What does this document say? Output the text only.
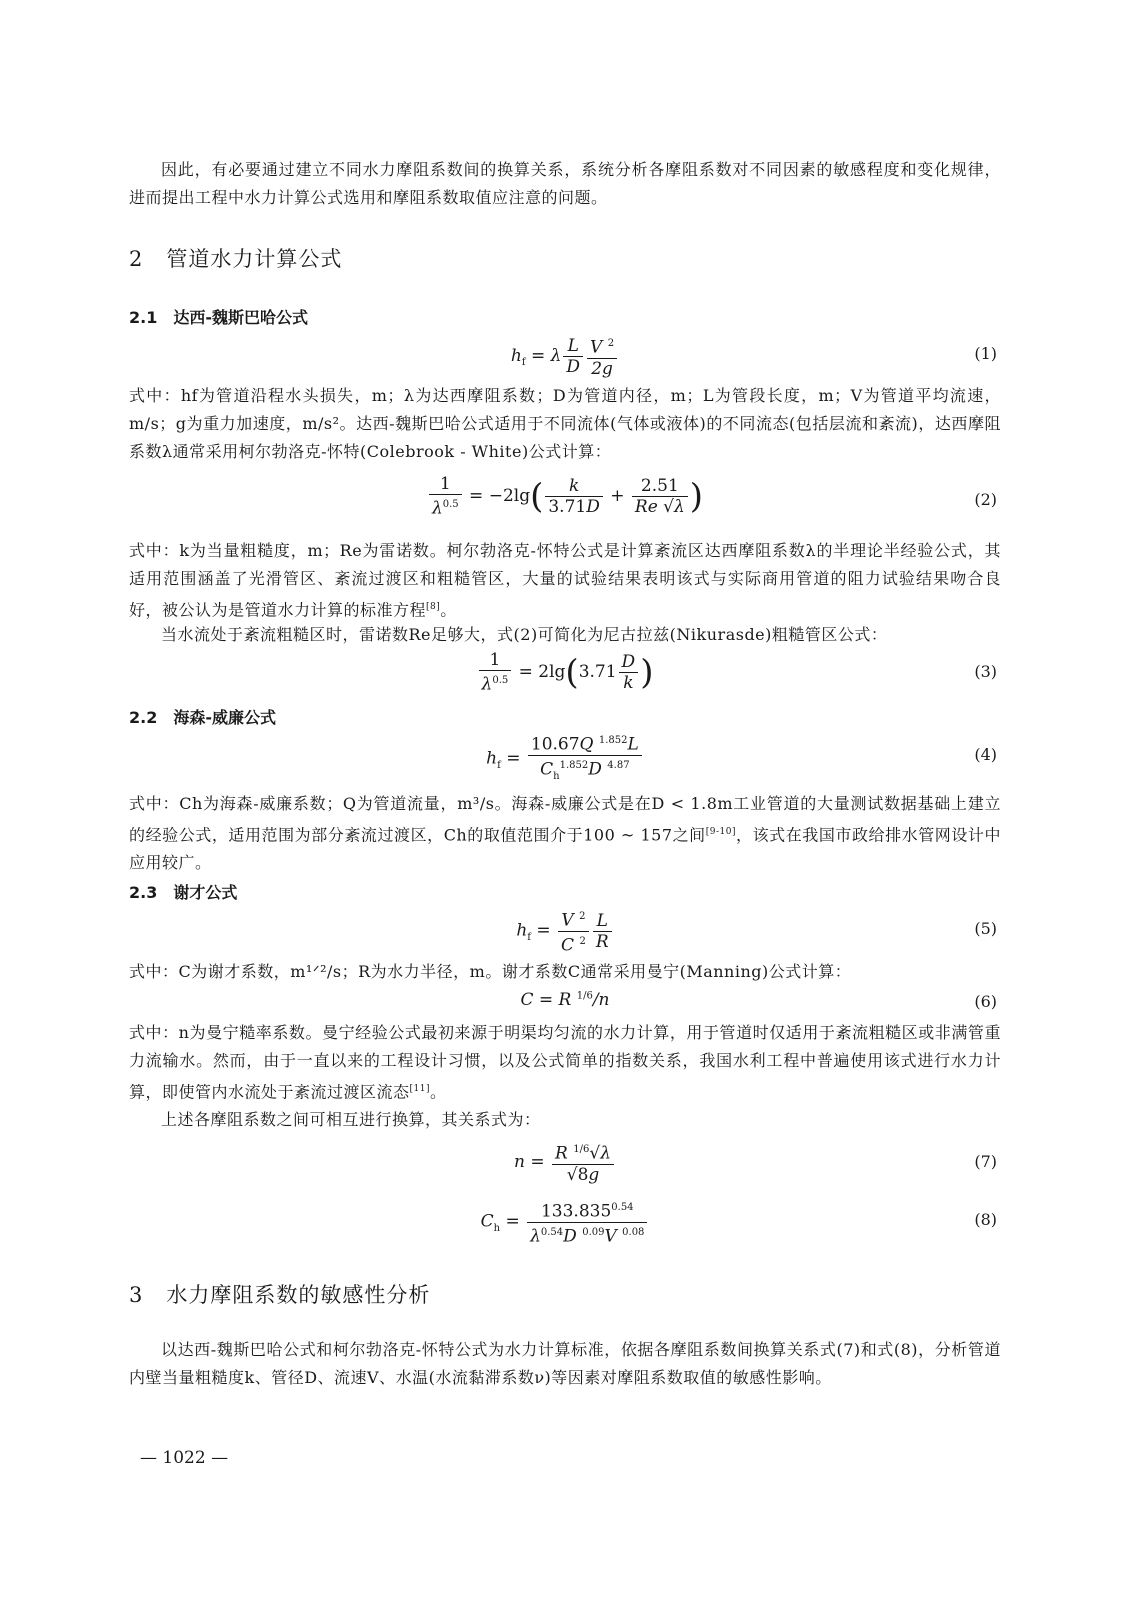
因此，有必要通过建立不同水力摩阻系数间的换算关系，系统分析各摩阻系数对不同因素的敏感程度和变化规律，进而提出工程中水力计算公式选用和摩阻系数取值应注意的问题。

2 管道水力计算公式
2.1　达西-魏斯巴哈公式
$h_f = \lambda \frac{L}{D} \frac{V ^2}{2g}$	(1)

式中：hf为管道沿程水头损失，m；λ为达西摩阻系数；D为管道内径，m；L为管段长度，m；V为管道平均流速，m/s；g为重力加速度，m/s²。达西-魏斯巴哈公式适用于不同流体(气体或液体)的不同流态(包括层流和紊流)，达西摩阻系数λ通常采用柯尔勃洛克-怀特(Colebrook - White)公式计算：

$\frac{1}{\lambda^{0.5}} = -2\lg( \frac{k}{3.71D} + \frac{2.51}{Re √\lambda}$ )	(2)

式中：k为当量粗糙度，m；Re为雷诺数。柯尔勃洛克-怀特公式是计算紊流区达西摩阻系数λ的半理论半经验公式，其适用范围涵盖了光滑管区、紊流过渡区和粗糙管区，大量的试验结果表明该式与实际商用管道的阻力试验结果吻合良好，被公认为是管道水力计算的标准方程[8]。

当水流处于紊流粗糙区时，雷诺数Re足够大，式(2)可简化为尼古拉兹(Nikurasde)粗糙管区公式：

$\frac{1}{\lambda^{0.5}} = 2\lg(3.71 \frac{D}{k}$ )	(3)
2.2　海森-威廉公式
$h_f = \frac{10.67Q ^{1.852}L}{C_h^{1.852}D ^{4.87}}$	(4)

式中：Ch为海森-威廉系数；Q为管道流量，m³/s。海森-威廉公式是在D < 1.8m工业管道的大量测试数据基础上建立的经验公式，适用范围为部分紊流过渡区，Ch的取值范围介于100 ~ 157之间[9-10]，该式在我国市政给排水管网设计中应用较广。

2.3　谢才公式
$h_f = \frac{V ^2}{C ^2} \frac{L}{R}$	(5)

式中：C为谢才系数，m¹ᐟ²/s；R为水力半径，m。谢才系数C通常采用曼宁(Manning)公式计算：

C = R $^{1/6}$/n	(6)

式中：n为曼宁糙率系数。曼宁经验公式最初来源于明渠均匀流的水力计算，用于管道时仅适用于紊流粗糙区或非满管重力流输水。然而，由于一直以来的工程设计习惯，以及公式简单的指数关系，我国水利工程中普遍使用该式进行水力计算，即使管内水流处于紊流过渡区流态[11]。

上述各摩阻系数之间可相互进行换算，其关系式为：

$n = \frac{R ^{1/6}√\lambda}{√8g}$	(7)
$C_h = \frac{133.835^{0.54}}{\lambda^{0.54}D ^{0.09}V ^{0.08}}$	(8)
3 水力摩阻系数的敏感性分析

以达西-魏斯巴哈公式和柯尔勃洛克-怀特公式为水力计算标准，依据各摩阻系数间换算关系式(7)和式(8)，分析管道内壁当量粗糙度k、管径D、流速V、水温(水流黏滞系数ν)等因素对摩阻系数取值的敏感性影响。

— 1022 —
